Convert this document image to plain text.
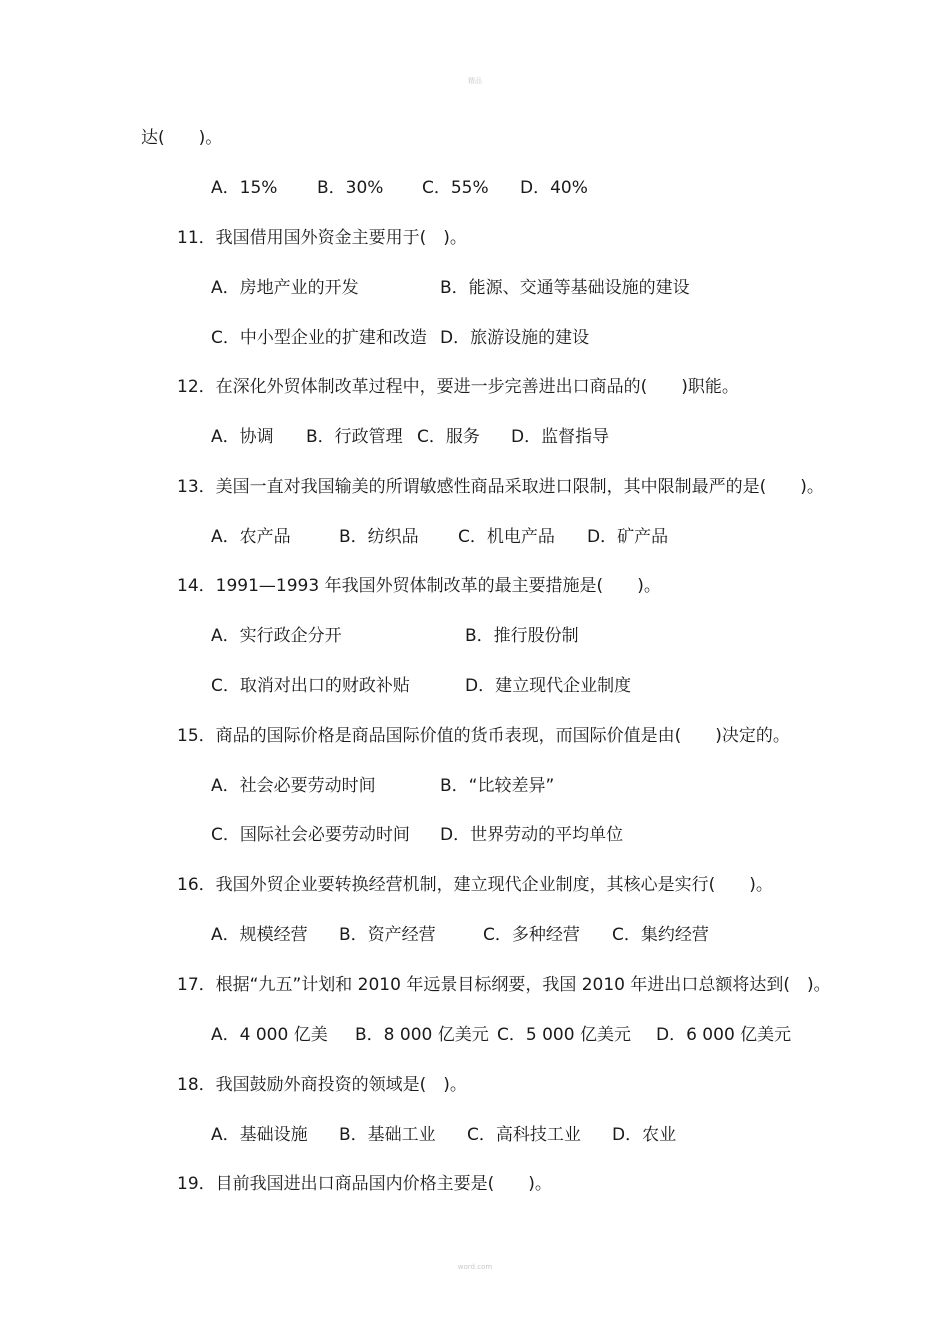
精品
达(　　)。
A．15% B．30% C．55% D．40%
11．我国借用国外资金主要用于(　)。
A．房地产业的开发	B．能源、交通等基础设施的建设
C．中小型企业的扩建和改造 D．旅游设施的建设
12．在深化外贸体制改革过程中，要进一步完善进出口商品的(　　)职能。
A．协调 B．行政管理 C．服务 D．监督指导
13．美国一直对我国输美的所谓敏感性商品采取进口限制，其中限制最严的是(　　)。
A．农产品	B．纺织品 C．机电产品 D．矿产品
14．1991—1993 年我国外贸体制改革的最主要措施是(　　)。
A．实行政企分开	B．推行股份制
C．取消对出口的财政补贴	D．建立现代企业制度
15．商品的国际价格是商品国际价值的货币表现，而国际价值是由(　　)决定的。
A．社会必要劳动时间	B．“比较差异”
C．国际社会必要劳动时间 D．世界劳动的平均单位
16．我国外贸企业要转换经营机制，建立现代企业制度，其核心是实行(　　)。
A．规模经营 B．资产经营	C．多种经营 C．集约经营
17．根据“九五”计划和 2010 年远景目标纲要，我国 2010 年进出口总额将达到(　)。
A．4 000 亿美 B．8 000 亿美元 C．5 000 亿美元 D．6 000 亿美元
18．我国鼓励外商投资的领域是(　)。
A．基础设施 B．基础工业 C．高科技工业 D．农业
19．目前我国进出口商品国内价格主要是(　　)。
word.com
